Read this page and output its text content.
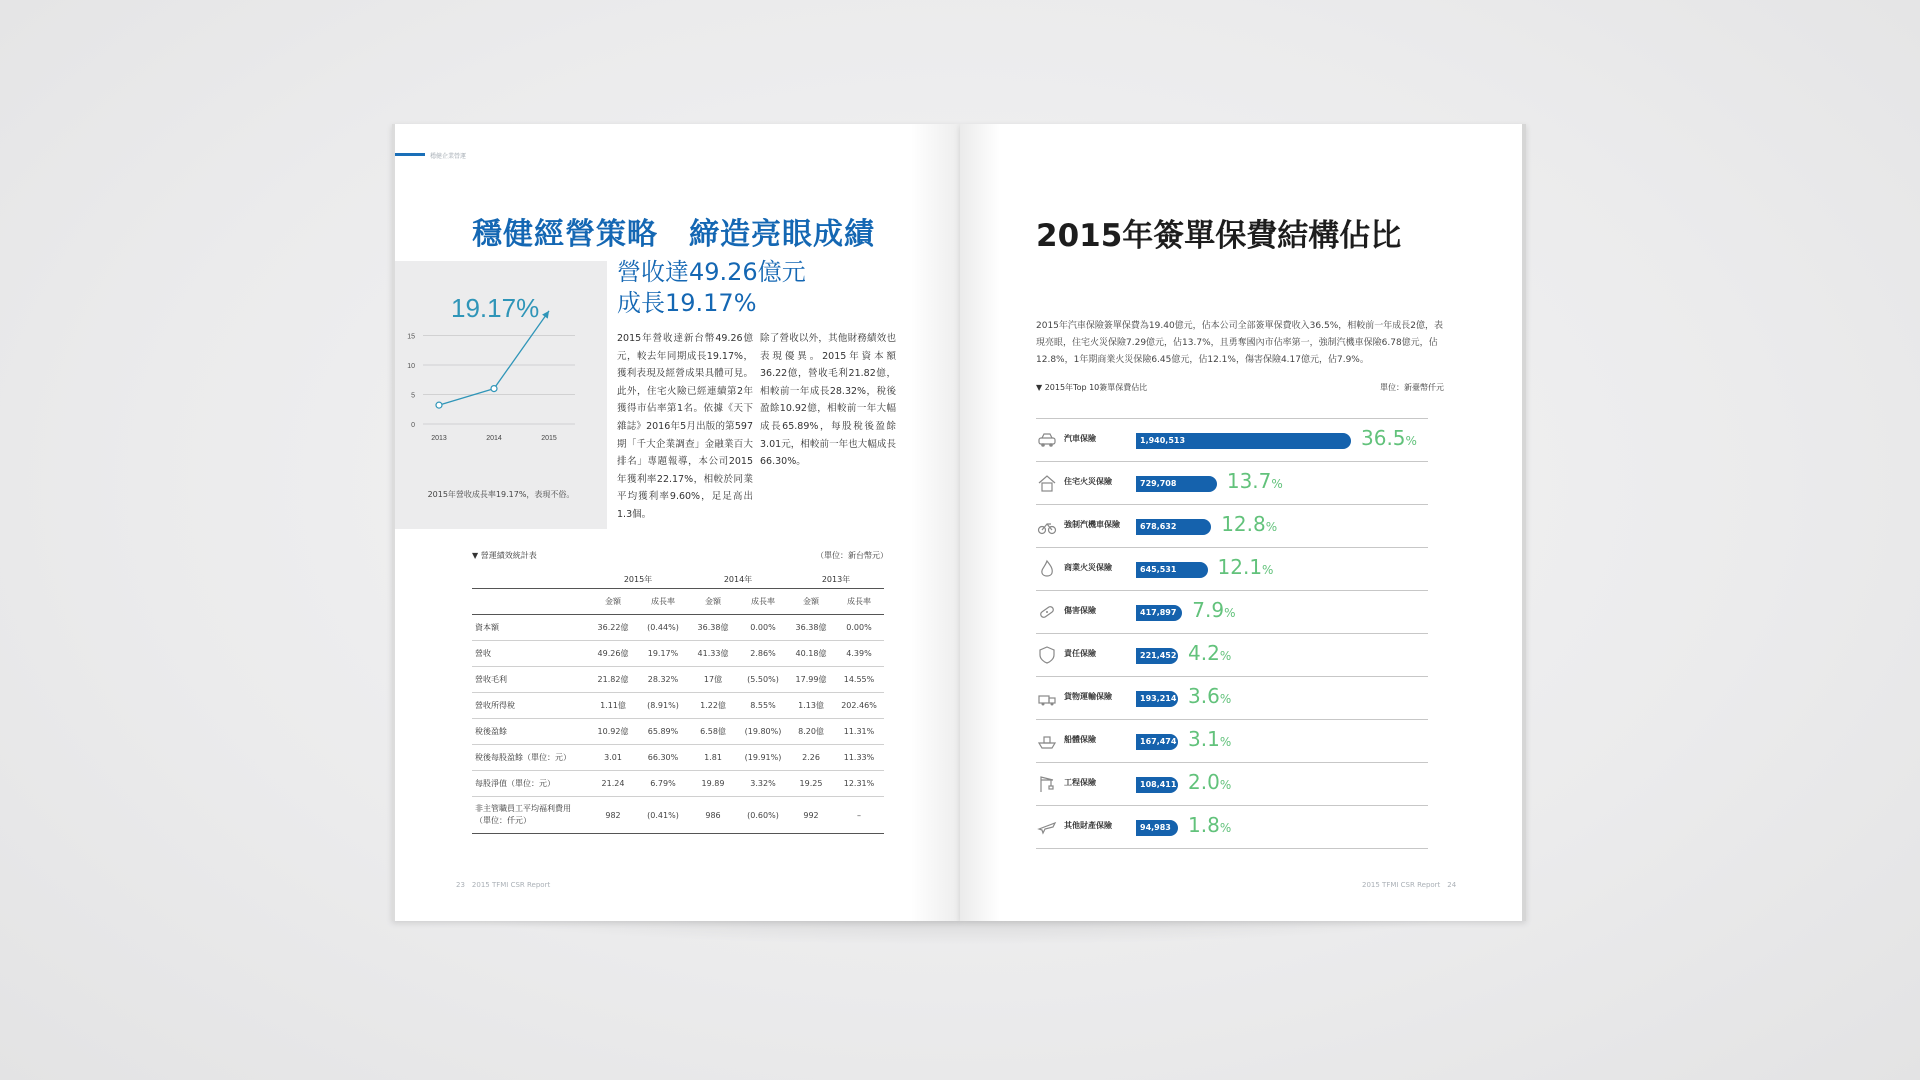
穩健企業營運
穩健經營策略　締造亮眼成績
0
5
10
15
2013	2014	2015
19.17%
2015年營收成長率19.17%，表現不俗。
營收達49.26億元
成長19.17%
2015年營收達新台幣49.26億元，較去年同期成長19.17%，獲利表現及經營成果具體可見。此外，住宅火險已經連續第2年獲得市佔率第1名。依據《天下雜誌》2016年5月出版的第597期「千大企業調查」金融業百大排名」專題報導，本公司2015年獲利率22.17%，相較於同業平均獲利率9.60%，足足高出1.3個。
除了營收以外，其他財務績效也表現優異。2015年資本額36.22億，營收毛利21.82億，相較前一年成長28.32%，稅後盈餘10.92億，相較前一年大幅成長65.89%，每股稅後盈餘3.01元，相較前一年也大幅成長66.30%。
▼ 營運績效統計表	（單位：新台幣元）
	2015年		2014年		2013年	
	金額	成長率	金額	成長率	金額	成長率
資本額	36.22億	(0.44%)	36.38億	0.00%	36.38億	0.00%
營收	49.26億	19.17%	41.33億	2.86%	40.18億	4.39%
營收毛利	21.82億	28.32%	17億	(5.50%)	17.99億	14.55%
營收所得稅	1.11億	(8.91%)	1.22億	8.55%	1.13億	202.46%
稅後盈餘	10.92億	65.89%	6.58億	(19.80%)	8.20億	11.31%
稅後每股盈餘（單位：元）	3.01	66.30%	1.81	(19.91%)	2.26	11.33%
每股淨值（單位：元）	21.24	6.79%	19.89	3.32%	19.25	12.31%

非主管職員工平均福利費用
（單位：仟元）	982	(0.41%)	986	(0.60%)	992	–
23　2015 TFMI CSR Report
2015年簽單保費結構佔比
2015年汽車保險簽單保費為19.40億元，佔本公司全部簽單保費收入36.5%，相較前一年成長2億，表現亮眼，住宅火災保險7.29億元，佔13.7%，且勇奪國內市佔率第一，強制汽機車保險6.78億元，佔12.8%，1年期商業火災保險6.45億元，佔12.1%，傷害保險4.17億元，佔7.9%。
▼ 2015年Top 10簽單保費佔比	單位：新臺幣仟元
汽車保險	1,940,513	36.5%
住宅火災保險	729,708	13.7%
強制汽機車保險	678,632 12.8%
商業火災保險	645,531 12.1%
傷害保險	417,897 7.9%
責任保險	221,452 4.2%
貨物運輸保險	193,214 3.6%
船體保險	167,474 3.1%
工程保險	108,411 2.0%
其他財產保險	94,983 1.8%
2015 TFMI CSR Report　24
